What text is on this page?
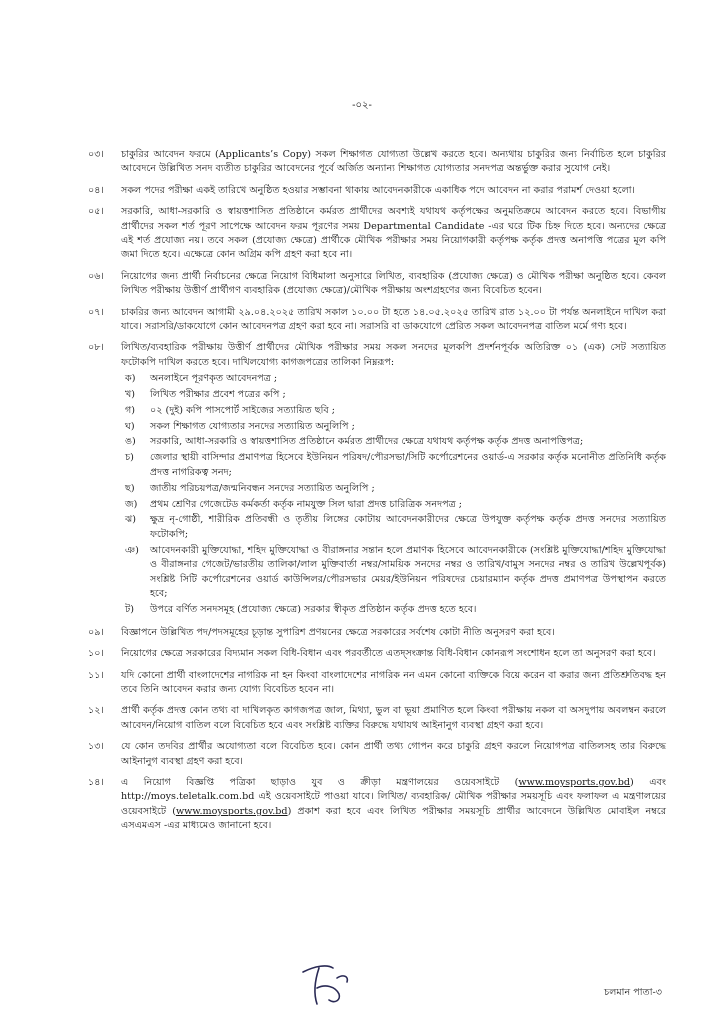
-০২-
০৩।	চাকুরির আবেদন ফরমে (Applicants’s Copy) সকল শিক্ষাগত যোগ্যতা উল্লেখ করতে হবে। অন্যথায় চাকুরির জন্য নির্বাচিত হলে চাকুরির আবেদনে উল্লিখিত সনদ ব্যতীত চাকুরির আবেদনের পূর্বে অর্জিত অন্যান্য শিক্ষাগত যোগ্যতার সনদপত্র অন্তর্ভুক্ত করার সুযোগ নেই।
০৪।	সকল পদের পরীক্ষা একই তারিখে অনুষ্ঠিত হওয়ার সম্ভাবনা থাকায় আবেদনকারীকে একাধিক পদে আবেদন না করার পরামর্শ দেওয়া হলো।
০৫।	সরকারি, আধা-সরকারি ও স্বায়ত্তশাসিত প্রতিষ্ঠানে কর্মরত প্রার্থীদের অবশ্যই যথাযথ কর্তৃপক্ষের অনুমতিক্রমে আবেদন করতে হবে। বিভাগীয় প্রার্থীদের সকল শর্ত পূরণ সাপেক্ষে আবেদন ফরম পূরণের সময় Departmental Candidate -এর ঘরে টিক চিহ্ন দিতে হবে। অন্যদের ক্ষেত্রে এই শর্ত প্রযোজ্য নয়। তবে সকল (প্রযোজ্য ক্ষেত্রে) প্রার্থীকে মৌখিক পরীক্ষার সময় নিয়োগকারী কর্তৃপক্ষ কর্তৃক প্রদত্ত অনাপত্তি পত্রের মূল কপি জমা দিতে হবে। এক্ষেত্রে কোন অগ্রিম কপি গ্রহণ করা হবে না।
০৬।	নিয়োগের জন্য প্রার্থী নির্বাচনের ক্ষেত্রে নিয়োগ বিধিমালা অনুসারে লিখিত, ব্যবহারিক (প্রযোজ্য ক্ষেত্রে) ও মৌখিক পরীক্ষা অনুষ্ঠিত হবে। কেবল লিখিত পরীক্ষায় উত্তীর্ণ প্রার্থীগণ ব্যবহারিক (প্রযোজ্য ক্ষেত্রে)/মৌখিক পরীক্ষায় অংশগ্রহণের জন্য বিবেচিত হবেন।
০৭।	চাকরির জন্য আবেদন আগামী ২৯.০৪.২০২৫ তারিখ সকাল ১০.০০ টা হতে ১৪.০৫.২০২৫ তারিখ রাত ১২.০০ টা পর্যন্ত অনলাইনে দাখিল করা যাবে। সরাসরি/ডাকযোগে কোন আবেদনপত্র গ্রহণ করা হবে না। সরাসরি বা ডাকযোগে প্রেরিত সকল আবেদনপত্র বাতিল মর্মে গণ্য হবে।
০৮।	লিখিত/ব্যবহারিক পরীক্ষায় উত্তীর্ণ প্রার্থীদের মৌখিক পরীক্ষার সময় সকল সনদের মূলকপি প্রদর্শনপূর্বক অতিরিক্ত ০১ (এক) সেট সত্যায়িত ফটোকপি দাখিল করতে হবে। দাখিলযোগ্য কাগজপত্রের তালিকা নিম্নরূপ:
ক)	অনলাইনে পূরণকৃত আবেদনপত্র ;
খ)	লিখিত পরীক্ষার প্রবেশ পত্রের কপি ;
গ)	০২ (দুই) কপি পাসপোর্ট সাইজের সত্যায়িত ছবি ;
ঘ)	সকল শিক্ষাগত যোগ্যতার সনদের সত্যায়িত অনুলিপি ;
ঙ)	সরকারি, আধা-সরকারি ও স্বায়ত্তশাসিত প্রতিষ্ঠানে কর্মরত প্রার্থীদের ক্ষেত্রে যথাযথ কর্তৃপক্ষ কর্তৃক প্রদত্ত অনাপত্তিপত্র;
চ)	জেলার স্থায়ী বাসিন্দার প্রমাণপত্র হিসেবে ইউনিয়ন পরিষদ/পৌরসভা/সিটি কর্পোরেশনের ওয়ার্ড-এ সরকার কর্তৃক মনোনীত প্রতিনিধি কর্তৃক প্রদত্ত নাগরিকত্ব সনদ;
ছ)	জাতীয় পরিচয়পত্র/জন্মনিবন্ধন সনদের সত্যায়িত অনুলিপি ;
জ)	প্রথম শ্রেণির গেজেটেড কর্মকর্তা কর্তৃক নামযুক্ত সিল দ্বারা প্রদত্ত চারিত্রিক সনদপত্র ;
ঝ)	ক্ষুদ্র নৃ-গোষ্ঠী, শারীরিক প্রতিবন্ধী ও তৃতীয় লিঙ্গের কোটায় আবেদনকারীদের ক্ষেত্রে উপযুক্ত কর্তৃপক্ষ কর্তৃক প্রদত্ত সনদের সত্যায়িত ফটোকপি;
ঞ)	আবেদনকারী মুক্তিযোদ্ধা, শহিদ মুক্তিযোদ্ধা ও বীরাঙ্গনার সন্তান হলে প্রমাণক হিসেবে আবেদনকারীকে (সংশ্লিষ্ট মুক্তিযোদ্ধা/শহিদ মুক্তিযোদ্ধা ও বীরাঙ্গনার গেজেট/ভারতীয় তালিকা/লাল মুক্তিবার্তা নম্বর/সাময়িক সনদের নম্বর ও তারিখ/বামুস সনদের নম্বর ও তারিখ উল্লেখপূর্বক) সংশ্লিষ্ট সিটি কর্পোরেশনের ওয়ার্ড কাউন্সিলর/পৌরসভার মেয়র/ইউনিয়ন পরিষদের চেয়ারম্যান কর্তৃক প্রদত্ত প্রমাণপত্র উপস্থাপন করতে হবে;
ট)	উপরে বর্ণিত সনদসমূহ (প্রযোজ্য ক্ষেত্রে) সরকার স্বীকৃত প্রতিষ্ঠান কর্তৃক প্রদত্ত হতে হবে।
০৯।	বিজ্ঞাপনে উল্লিখিত পদ/পদসমূহের চূড়ান্ত সুপারিশ প্রণয়নের ক্ষেত্রে সরকারের সর্বশেষ কোটা নীতি অনুসরণ করা হবে।
১০।	নিয়োগের ক্ষেত্রে সরকারের বিদ্যমান সকল বিধি-বিধান এবং পরবর্তীতে এতদ্সংক্রান্ত বিধি-বিধান কোনরূপ সংশোধন হলে তা অনুসরণ করা হবে।
১১।	যদি কোনো প্রার্থী বাংলাদেশের নাগরিক না হন কিংবা বাংলাদেশের নাগরিক নন এমন কোনো ব্যক্তিকে বিয়ে করেন বা করার জন্য প্রতিশ্রুতিবদ্ধ হন তবে তিনি আবেদন করার জন্য যোগ্য বিবেচিত হবেন না।
১২।	প্রার্থী কর্তৃক প্রদত্ত কোন তথ্য বা দাখিলকৃত কাগজপত্র জাল, মিথ্যা, ভুল বা ভূয়া প্রমাণিত হলে কিংবা পরীক্ষায় নকল বা অসদুপায় অবলম্বন করলে আবেদন/নিয়োগ বাতিল বলে বিবেচিত হবে এবং সংশ্লিষ্ট ব্যক্তির বিরুদ্ধে যথাযথ আইনানুগ ব্যবস্থা গ্রহণ করা হবে।
১৩।	যে কোন তদবির প্রার্থীর অযোগ্যতা বলে বিবেচিত হবে। কোন প্রার্থী তথ্য গোপন করে চাকুরি গ্রহণ করলে নিয়োগপত্র বাতিলসহ তার বিরুদ্ধে আইনানুগ ব্যবস্থা গ্রহণ করা হবে।
১৪।	এ নিয়োগ বিজ্ঞপ্তি পত্রিকা ছাড়াও যুব ও ক্রীড়া মন্ত্রণালয়ের ওয়েবসাইটে (www.moysports.gov.bd) এবং http://moys.teletalk.com.bd এই ওয়েবসাইটে পাওয়া যাবে। লিখিত/ ব্যবহারিক/ মৌখিক পরীক্ষার সময়সূচি এবং ফলাফল এ মন্ত্রণালয়ের ওয়েবসাইটে (www.moysports.gov.bd) প্রকাশ করা হবে এবং লিখিত পরীক্ষার সময়সূচি প্রার্থীর আবেদনে উল্লিখিত মোবাইল নম্বরে এসএমএস -এর মাধ্যমেও জানানো হবে।
চলমান পাতা-৩
